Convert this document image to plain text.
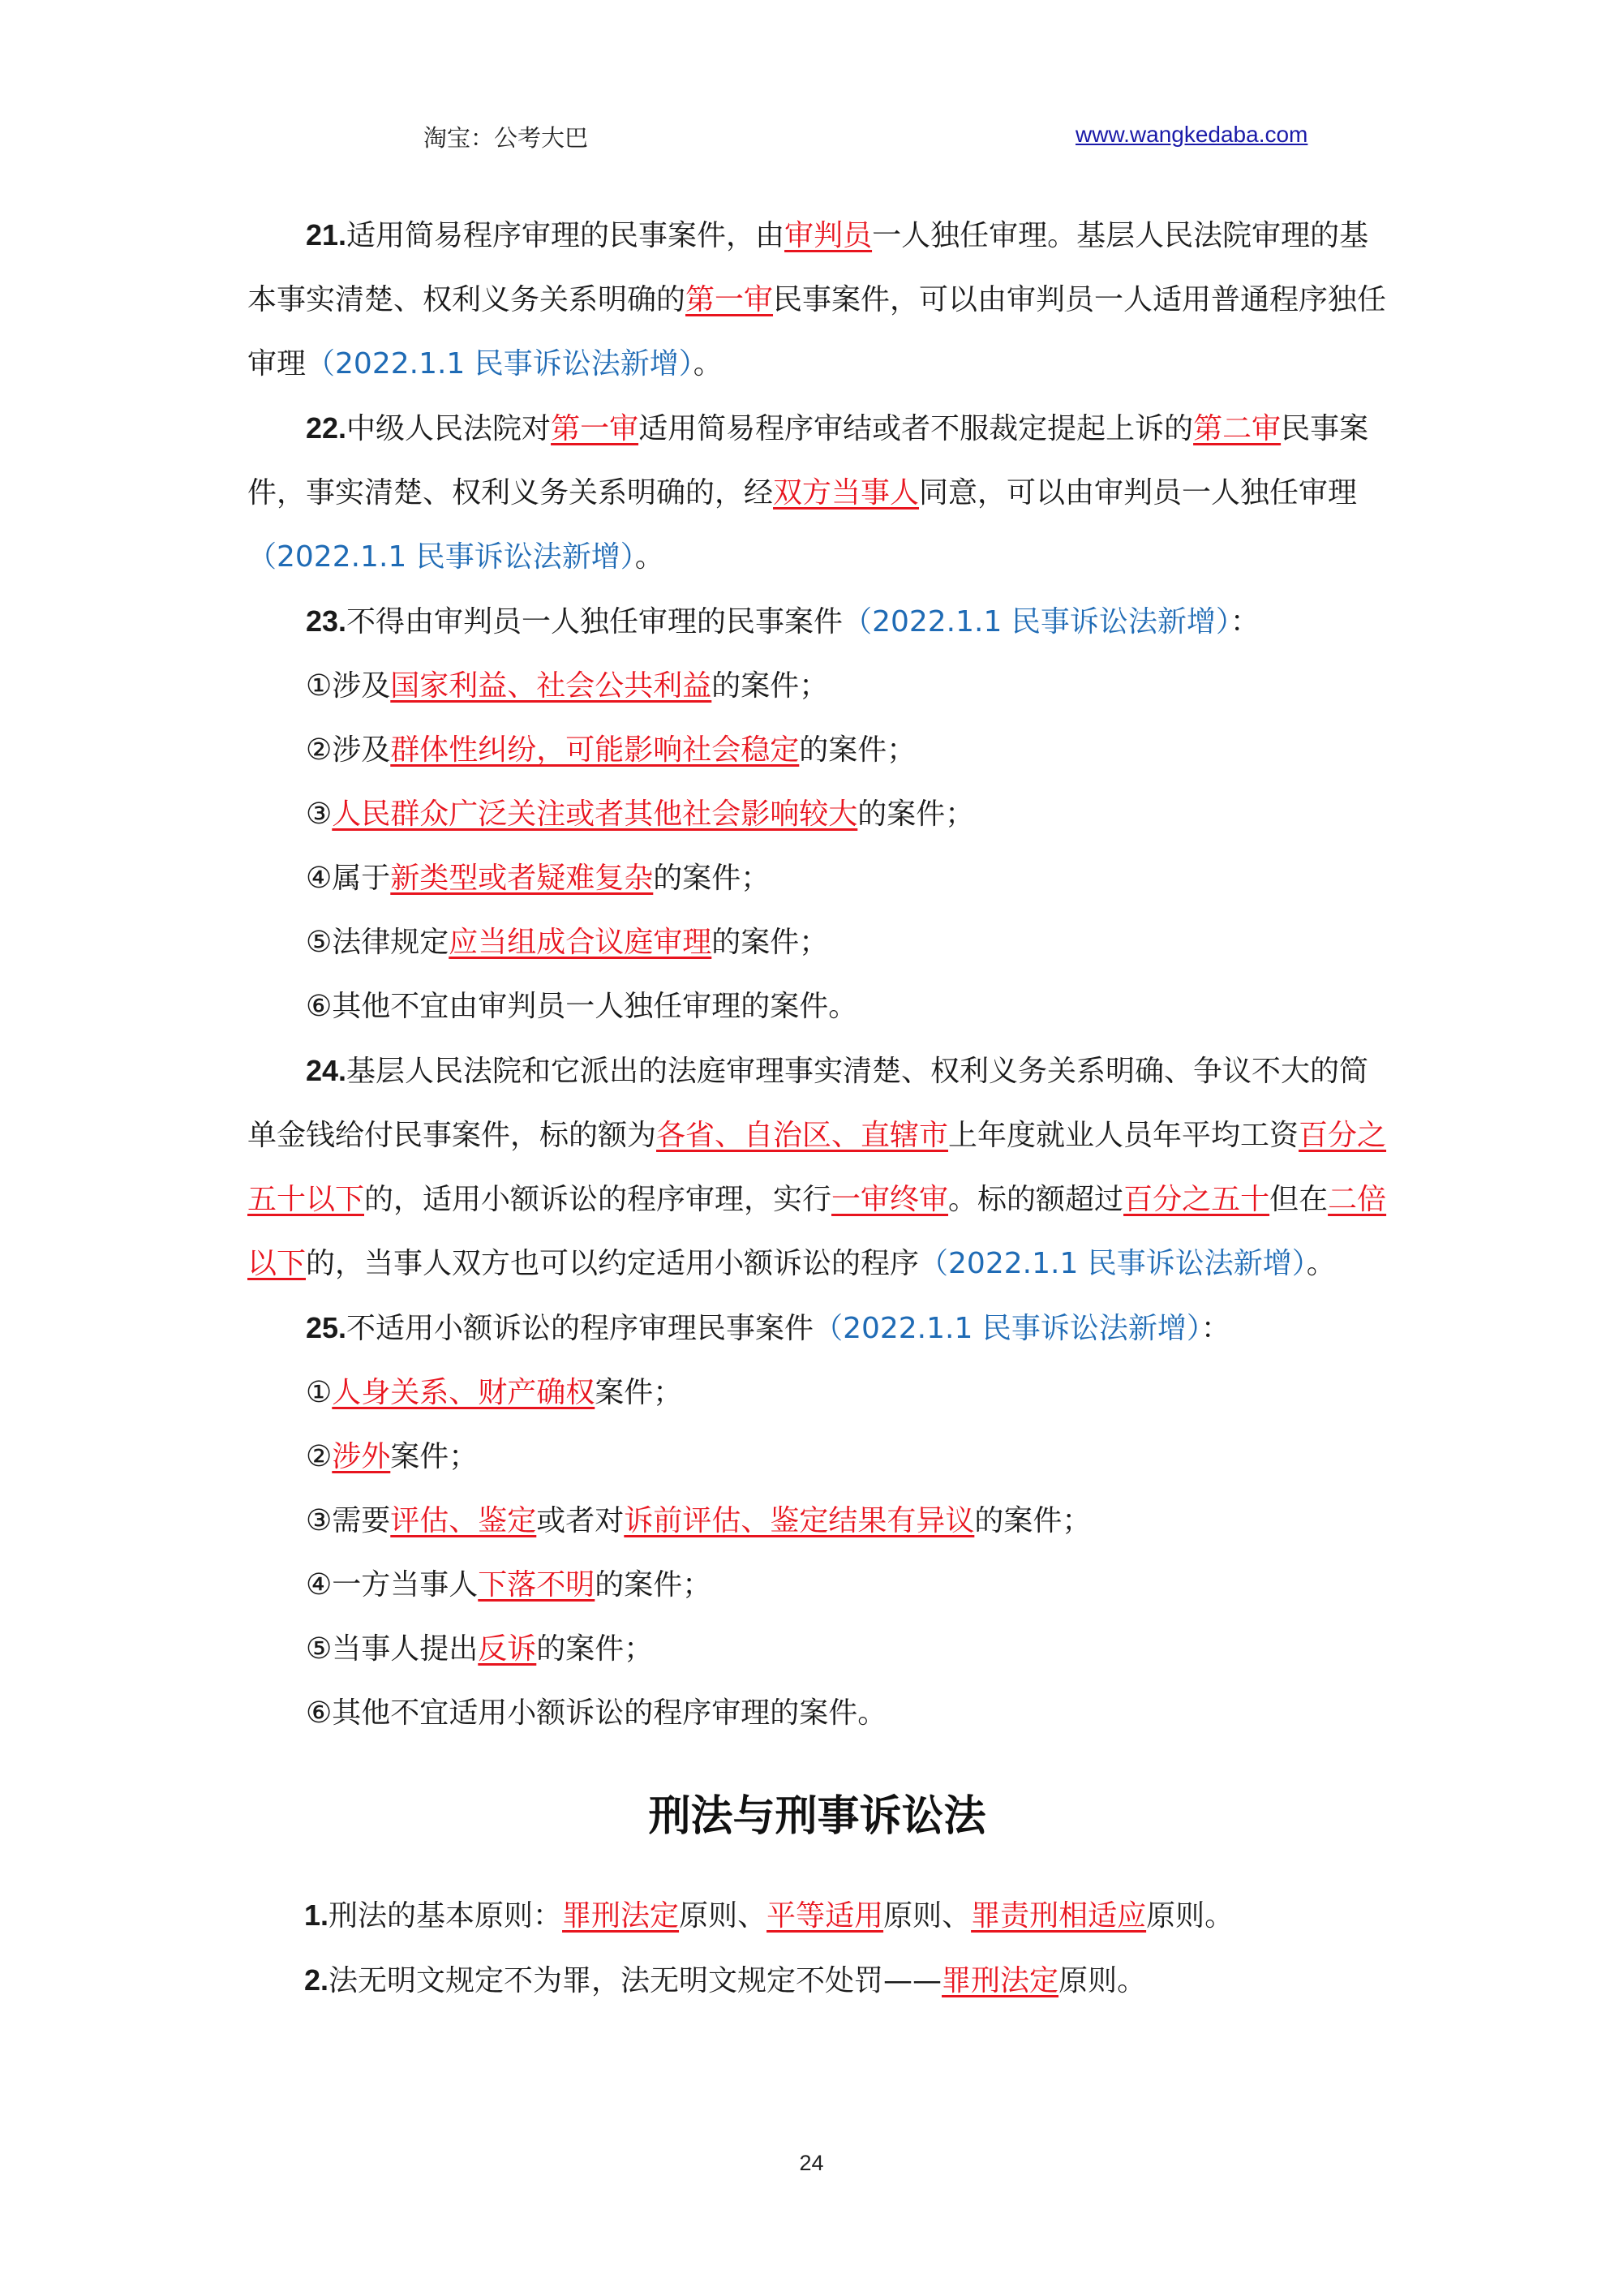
淘宝：公考大巴	www.wangkedaba.com
21.适用简易程序审理的民事案件，由审判员一人独任审理。基层人民法院审理的基本事实清楚、权利义务关系明确的第一审民事案件，可以由审判员一人适用普通程序独任审理（2022.1.1 民事诉讼法新增）。
22.中级人民法院对第一审适用简易程序审结或者不服裁定提起上诉的第二审民事案件，事实清楚、权利义务关系明确的，经双方当事人同意，可以由审判员一人独任审理（2022.1.1 民事诉讼法新增）。
23.不得由审判员一人独任审理的民事案件（2022.1.1 民事诉讼法新增）：
①涉及国家利益、社会公共利益的案件；
②涉及群体性纠纷，可能影响社会稳定的案件；
③人民群众广泛关注或者其他社会影响较大的案件；
④属于新类型或者疑难复杂的案件；
⑤法律规定应当组成合议庭审理的案件；
⑥其他不宜由审判员一人独任审理的案件。
24.基层人民法院和它派出的法庭审理事实清楚、权利义务关系明确、争议不大的简单金钱给付民事案件，标的额为各省、自治区、直辖市上年度就业人员年平均工资百分之五十以下的，适用小额诉讼的程序审理，实行一审终审。标的额超过百分之五十但在二倍以下的，当事人双方也可以约定适用小额诉讼的程序（2022.1.1 民事诉讼法新增）。
25.不适用小额诉讼的程序审理民事案件（2022.1.1 民事诉讼法新增）：
①人身关系、财产确权案件；
②涉外案件；
③需要评估、鉴定或者对诉前评估、鉴定结果有异议的案件；
④一方当事人下落不明的案件；
⑤当事人提出反诉的案件；
⑥其他不宜适用小额诉讼的程序审理的案件。
刑法与刑事诉讼法
1.刑法的基本原则：罪刑法定原则、平等适用原则、罪责刑相适应原则。
2.法无明文规定不为罪，法无明文规定不处罚——罪刑法定原则。
24
